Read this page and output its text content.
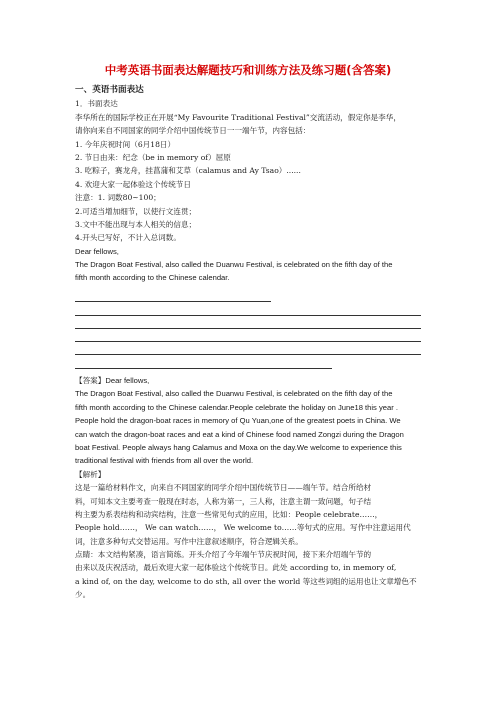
中考英语书面表达解题技巧和训练方法及练习题(含答案)
一、英语书面表达
1．书面表达
李华所在的国际学校正在开展“My Favourite Traditional Festival”交流活动，假定你是李华，
请你向来自不同国家的同学介绍中国传统节日一一端午节，内容包括：
1. 今年庆祝时间（6月18日）
2. 节日由来：纪念（be in memory of）屈原
3. 吃粽子，赛龙舟，挂菖蒲和艾草（calamus and Ay Tsao）......
4. 欢迎大家一起体验这个传统节日
注意：1. 词数80~100；
2.可适当增加细节，以使行文连贯；
3.文中不能出现与本人相关的信息；
4.开头已写好，不计入总词数。
Dear fellows,
The Dragon Boat Festival, also called the Duanwu Festival, is celebrated on the fifth day of the
fifth month according to the Chinese calendar.
【答案】Dear fellows,
The Dragon Boat Festival, also called the Duanwu Festival, is celebrated on the fifth day of the
fifth month according to the Chinese calendar.People celebrate the holiday on June18 this year .
People hold the dragon-boat races in memory of Qu Yuan,one of the greatest poets in China. We
can watch the dragon-boat races and eat a kind of Chinese food named Zongzi during the Dragon
boat Festival. People always hang Calamus and Moxa on the day.We welcome to experience this
traditional festival with friends from all over the world.
【解析】
这是一篇给材料作文，向来自不同国家的同学介绍中国传统节日——端午节。结合所给材
料，可知本文主要考查一般现在时态，人称为第一，三人称，注意主谓一致问题，句子结
构主要为系表结构和动宾结构，注意一些常见句式的应用，比如：People celebrate……，
People hold……， We can watch……， We welcome to……等句式的应用。写作中注意运用代
词，注意多种句式交替运用。写作中注意叙述顺序，符合逻辑关系。
点睛：本文结构紧凑，语言简练。开头介绍了今年端午节庆祝时间，接下来介绍端午节的
由来以及庆祝活动，最后欢迎大家一起体验这个传统节日。此处 according to, in memory of,
a kind of, on the day, welcome to do sth, all over the world 等这些词组的运用也让文章增色不
少。
